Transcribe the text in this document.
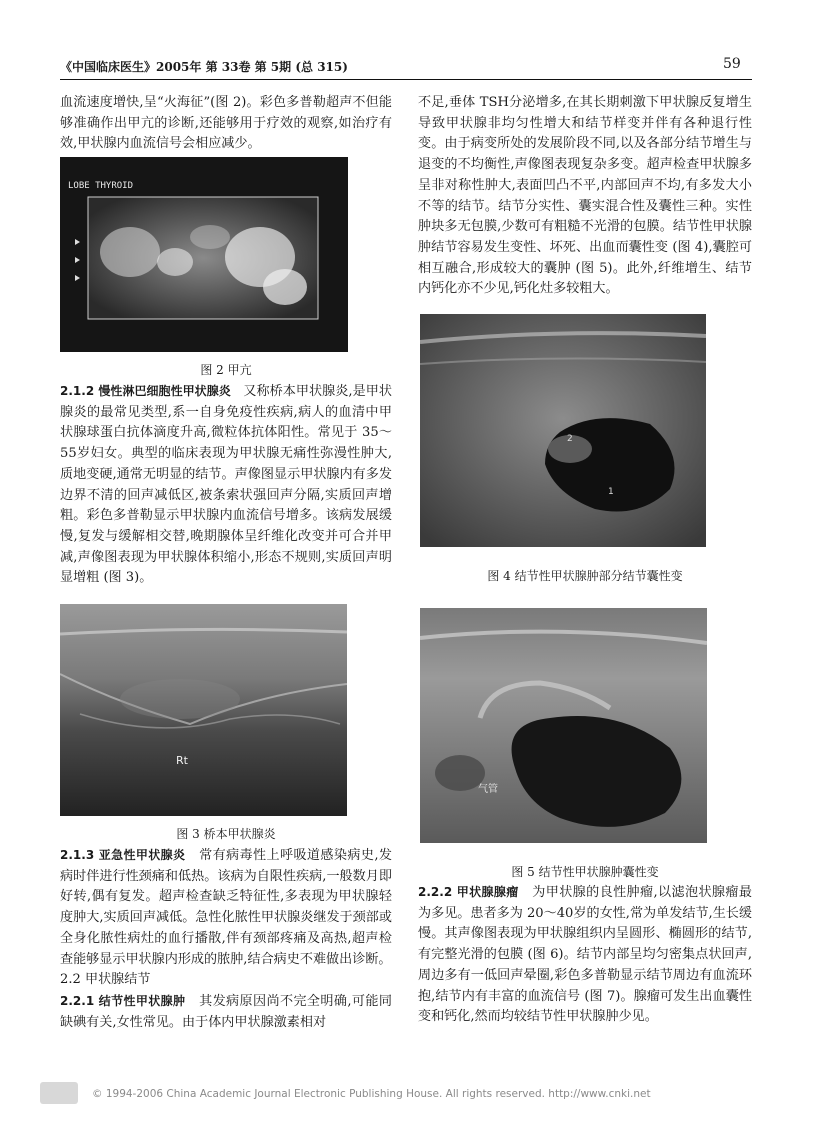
《中国临床医生》2005年 第 33卷 第 5期 (总 315)	59

血流速度增快,呈“火海征”(图 2)。彩色多普勒超声不但能够准确作出甲亢的诊断,还能够用于疗效的观察,如治疗有效,甲状腺内血流信号会相应减少。

LOBE THYROID
图 2 甲亢

2.1.2 慢性淋巴细胞性甲状腺炎 又称桥本甲状腺炎,是甲状腺炎的最常见类型,系一自身免疫性疾病,病人的血清中甲状腺球蛋白抗体滴度升高,微粒体抗体阳性。常见于 35～55岁妇女。典型的临床表现为甲状腺无痛性弥漫性肿大,质地变硬,通常无明显的结节。声像图显示甲状腺内有多发边界不清的回声减低区,被条索状强回声分隔,实质回声增粗。彩色多普勒显示甲状腺内血流信号增多。该病发展缓慢,复发与缓解相交替,晚期腺体呈纤维化改变并可合并甲减,声像图表现为甲状腺体积缩小,形态不规则,实质回声明显增粗 (图 3)。

Rt
图 3 桥本甲状腺炎

2.1.3 亚急性甲状腺炎 常有病毒性上呼吸道感染病史,发病时伴进行性颈痛和低热。该病为自限性疾病,一般数月即好转,偶有复发。超声检查缺乏特征性,多表现为甲状腺轻度肿大,实质回声减低。急性化脓性甲状腺炎继发于颈部或全身化脓性病灶的血行播散,伴有颈部疼痛及高热,超声检查能够显示甲状腺内形成的脓肿,结合病史不难做出诊断。

2.2 甲状腺结节

2.2.1 结节性甲状腺肿 其发病原因尚不完全明确,可能同缺碘有关,女性常见。由于体内甲状腺激素相对

不足,垂体 TSH分泌增多,在其长期刺激下甲状腺反复增生导致甲状腺非均匀性增大和结节样变并伴有各种退行性变。由于病变所处的发展阶段不同,以及各部分结节增生与退变的不均衡性,声像图表现复杂多变。超声检查甲状腺多呈非对称性肿大,表面凹凸不平,内部回声不均,有多发大小不等的结节。结节分实性、囊实混合性及囊性三种。实性肿块多无包膜,少数可有粗糙不光滑的包膜。结节性甲状腺肿结节容易发生变性、坏死、出血而囊性变 (图 4),囊腔可相互融合,形成较大的囊肿 (图 5)。此外,纤维增生、结节内钙化亦不少见,钙化灶多较粗大。

2
1
图 4 结节性甲状腺肿部分结节囊性变
气管
图 5 结节性甲状腺肿囊性变

2.2.2 甲状腺腺瘤 为甲状腺的良性肿瘤,以滤泡状腺瘤最为多见。患者多为 20～40岁的女性,常为单发结节,生长缓慢。其声像图表现为甲状腺组织内呈圆形、椭圆形的结节,有完整光滑的包膜 (图 6)。结节内部呈均匀密集点状回声,周边多有一低回声晕圈,彩色多普勒显示结节周边有血流环抱,结节内有丰富的血流信号 (图 7)。腺瘤可发生出血囊性变和钙化,然而均较结节性甲状腺肿少见。

© 1994-2006 China Academic Journal Electronic Publishing House. All rights reserved. http://www.cnki.net
